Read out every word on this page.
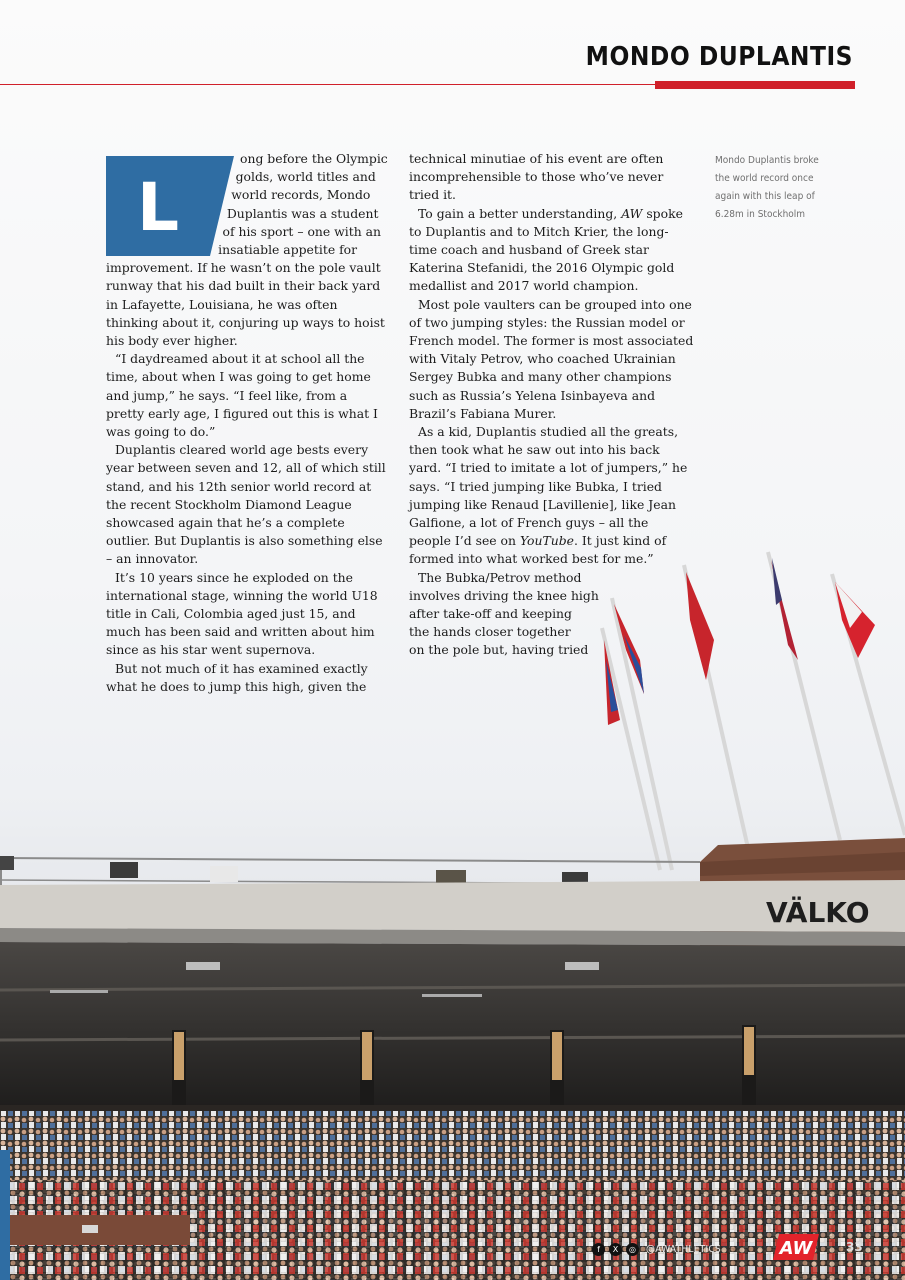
MONDO DUPLANTIS
L

ong before the Olympic golds, world titles and world records, Mondo Duplantis was a student of his sport – one with an insatiable appetite for improvement. If he wasn’t on the pole vault runway that his dad built in their back yard in Lafayette, Louisiana, he was often thinking about it, conjuring up ways to hoist his body ever higher.

“I daydreamed about it at school all the time, about when I was going to get home and jump,” he says. “I feel like, from a pretty early age, I figured out this is what I was going to do.”

Duplantis cleared world age bests every year between seven and 12, all of which still stand, and his 12th senior world record at the recent Stockholm Diamond League showcased again that he’s a complete outlier. But Duplantis is also something else – an innovator.

It’s 10 years since he exploded on the international stage, winning the world U18 title in Cali, Colombia aged just 15, and much has been said and written about him since as his star went supernova.

But not much of it has examined exactly what he does to jump this high, given the

technical minutiae of his event are often incomprehensible to those who’ve never tried it.

To gain a better understanding, AW spoke to Duplantis and to Mitch Krier, the long-time coach and husband of Greek star Katerina Stefanidi, the 2016 Olympic gold medallist and 2017 world champion.

Most pole vaulters can be grouped into one of two jumping styles: the Russian model or French model. The former is most associated with Vitaly Petrov, who coached Ukrainian Sergey Bubka and many other champions such as Russia’s Yelena Isinbayeva and Brazil’s Fabiana Murer.

As a kid, Duplantis studied all the greats, then took what he saw out into his back yard. “I tried to imitate a lot of jumpers,” he says. “I tried jumping like Bubka, I tried jumping like Renaud [Lavillenie], like Jean Galfione, a lot of French guys – all the people I’d see on YouTube. It just kind of formed into what worked best for me.”

The Bubka/Petrov method
involves driving the knee high
after take-off and keeping
the hands closer together
on the pole but, having tried

Mondo Duplantis broke the world record once again with this leap of 6.28m in Stockholm
VÄLKO
f	X	◎	@AWATHLETICS	AW	33
